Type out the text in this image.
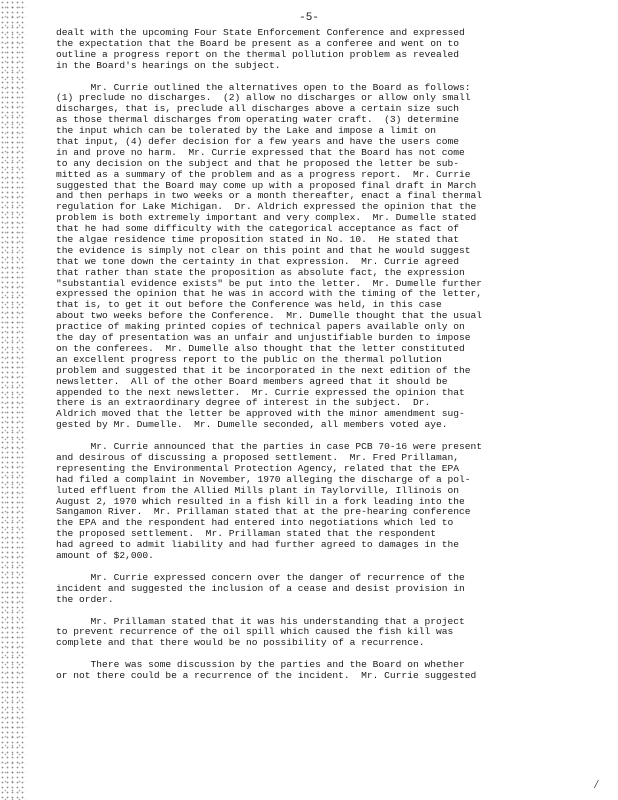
-5-
dealt with the upcoming Four State Enforcement Conference and expressed
the expectation that the Board be present as a conferee and went on to
outline a progress report on the thermal pollution problem as revealed
in the Board's hearings on the subject.
Mr. Currie outlined the alternatives open to the Board as follows:
(1) preclude no discharges.  (2) allow no discharges or allow only small
discharges, that is, preclude all discharges above a certain size such
as those thermal discharges from operating water craft.  (3) determine
the input which can be tolerated by the Lake and impose a limit on
that input, (4) defer decision for a few years and have the users come
in and prove no harm.  Mr. Currie expressed that the Board has not come
to any decision on the subject and that he proposed the letter be sub-
mitted as a summary of the problem and as a progress report.  Mr. Currie
suggested that the Board may come up with a proposed final draft in March
and then perhaps in two weeks or a month thereafter, enact a final thermal
regulation for Lake Michigan.  Dr. Aldrich expressed the opinion that the
problem is both extremely important and very complex.  Mr. Dumelle stated
that he had some difficulty with the categorical acceptance as fact of
the algae residence time proposition stated in No. 10.  He stated that
the evidence is simply not clear on this point and that he would suggest
that we tone down the certainty in that expression.  Mr. Currie agreed
that rather than state the proposition as absolute fact, the expression
"substantial evidence exists" be put into the letter.  Mr. Dumelle further
expressed the opinion that he was in accord with the timing of the letter,
that is, to get it out before the Conference was held, in this case
about two weeks before the Conference.  Mr. Dumelle thought that the usual
practice of making printed copies of technical papers available only on
the day of presentation was an unfair and unjustifiable burden to impose
on the conferees.  Mr. Dumelle also thought that the letter constituted
an excellent progress report to the public on the thermal pollution
problem and suggested that it be incorporated in the next edition of the
newsletter.  All of the other Board members agreed that it should be
appended to the next newsletter.  Mr. Currie expressed the opinion that
there is an extraordinary degree of interest in the subject.  Dr.
Aldrich moved that the letter be approved with the minor amendment sug-
gested by Mr. Dumelle.  Mr. Dumelle seconded, all members voted aye.
Mr. Currie announced that the parties in case PCB 70-16 were present
and desirous of discussing a proposed settlement.  Mr. Fred Prillaman,
representing the Environmental Protection Agency, related that the EPA
had filed a complaint in November, 1970 alleging the discharge of a pol-
luted effluent from the Allied Mills plant in Taylorville, Illinois on
August 2, 1970 which resulted in a fish kill in a fork leading into the
Sangamon River.  Mr. Prillaman stated that at the pre-hearing conference
the EPA and the respondent had entered into negotiations which led to
the proposed settlement.  Mr. Prillaman stated that the respondent
had agreed to admit liability and had further agreed to damages in the
amount of $2,000.
Mr. Currie expressed concern over the danger of recurrence of the
incident and suggested the inclusion of a cease and desist provision in
the order.
Mr. Prillaman stated that it was his understanding that a project
to prevent recurrence of the oil spill which caused the fish kill was
complete and that there would be no possibility of a recurrence.
There was some discussion by the parties and the Board on whether
or not there could be a recurrence of the incident.  Mr. Currie suggested
⁄
